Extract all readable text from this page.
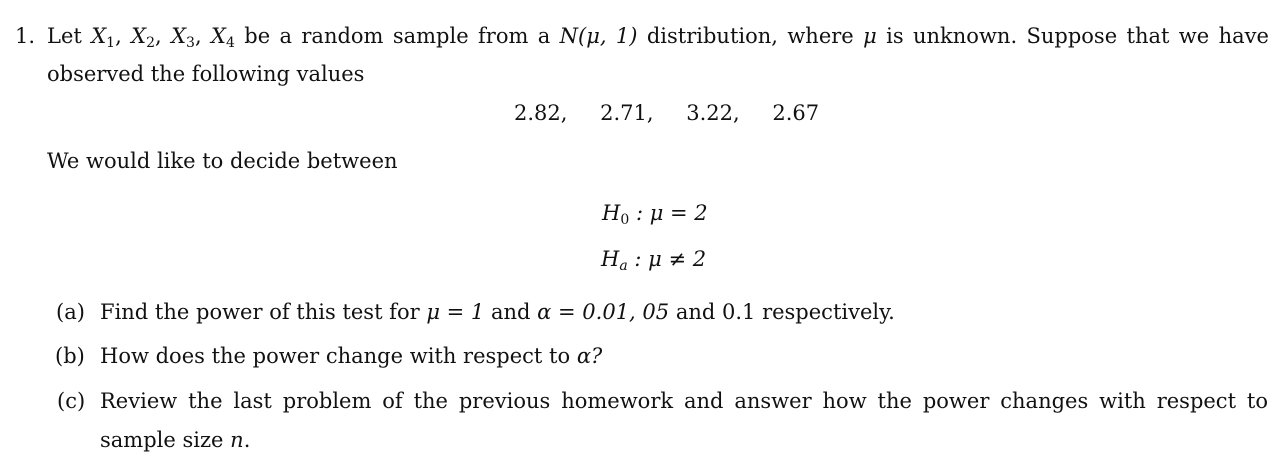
1. Let $X_1$, $X_2$, $X_3$, $X_4$ be a random sample from a N(μ, 1) distribution, where μ is unknown. Suppose that we have
observed the following values
2.82, 2.71, 3.22, 2.67
We would like to decide between
$H_0$ : μ = 2
$H_a$ : μ ≠ 2
(a) Find the power of this test for μ = 1 and α = 0.01, 05 and 0.1 respectively.
(b) How does the power change with respect to α?
(c) Review the last problem of the previous homework and answer how the power changes with respect to
sample size n.
